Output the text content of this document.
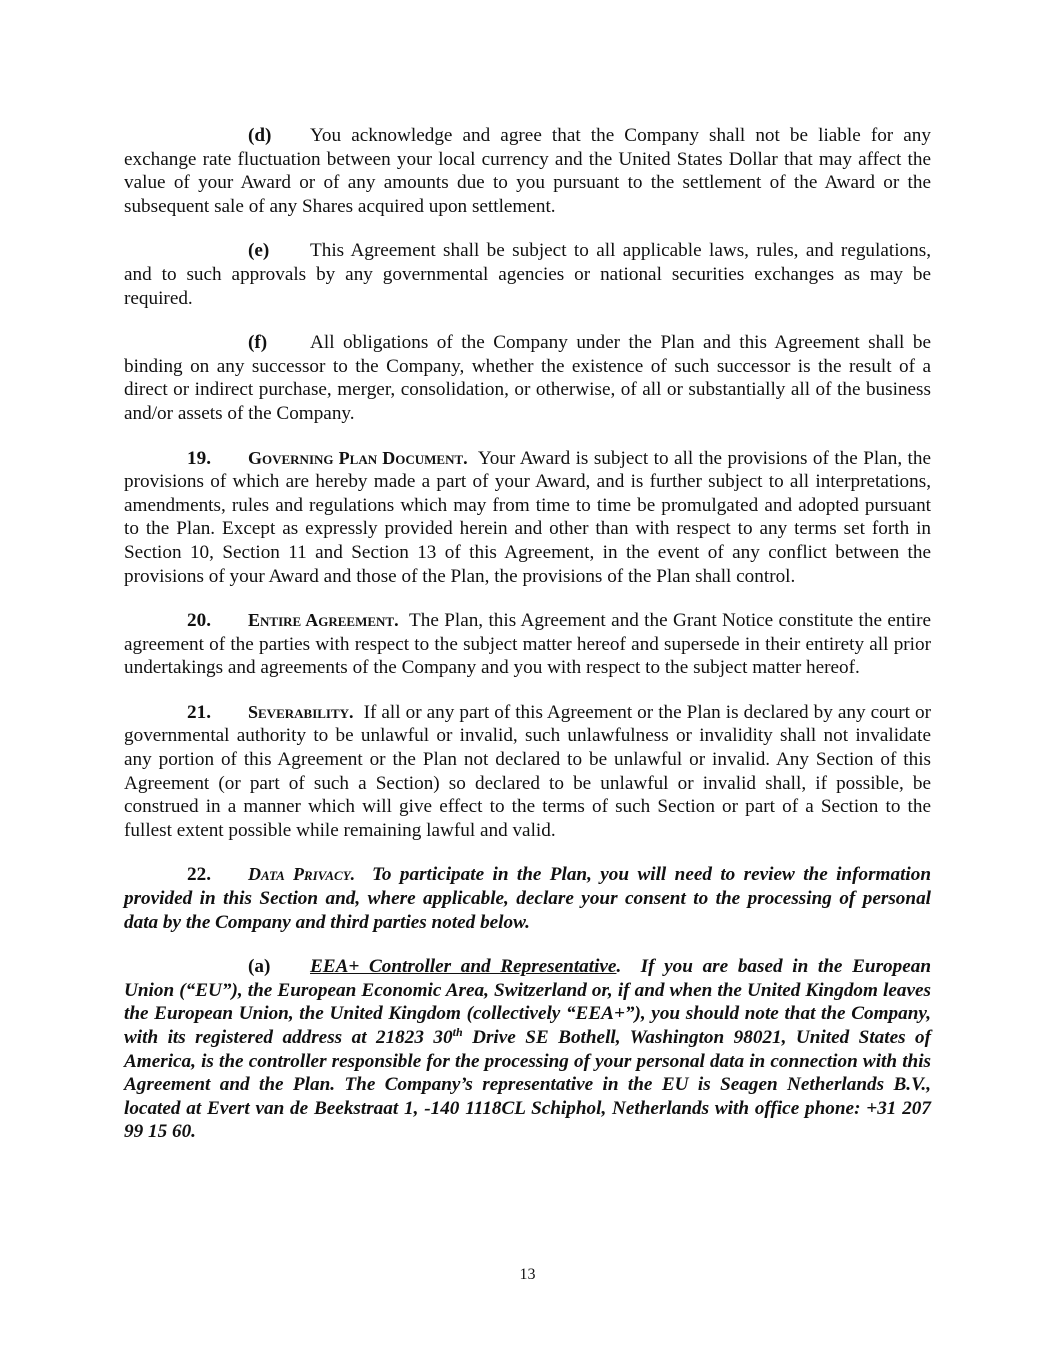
(d) You acknowledge and agree that the Company shall not be liable for any exchange rate fluctuation between your local currency and the United States Dollar that may affect the value of your Award or of any amounts due to you pursuant to the settlement of the Award or the subsequent sale of any Shares acquired upon settlement.

(e) This Agreement shall be subject to all applicable laws, rules, and regulations, and to such approvals by any governmental agencies or national securities exchanges as may be required.

(f) All obligations of the Company under the Plan and this Agreement shall be binding on any successor to the Company, whether the existence of such successor is the result of a direct or indirect purchase, merger, consolidation, or otherwise, of all or substantially all of the business and/or assets of the Company.

19. Governing Plan Document. Your Award is subject to all the provisions of the Plan, the provisions of which are hereby made a part of your Award, and is further subject to all interpretations, amendments, rules and regulations which may from time to time be promulgated and adopted pursuant to the Plan. Except as expressly provided herein and other than with respect to any terms set forth in Section 10, Section 11 and Section 13 of this Agreement, in the event of any conflict between the provisions of your Award and those of the Plan, the provisions of the Plan shall control.

20. Entire Agreement. The Plan, this Agreement and the Grant Notice constitute the entire agreement of the parties with respect to the subject matter hereof and supersede in their entirety all prior undertakings and agreements of the Company and you with respect to the subject matter hereof.

21. Severability. If all or any part of this Agreement or the Plan is declared by any court or governmental authority to be unlawful or invalid, such unlawfulness or invalidity shall not invalidate any portion of this Agreement or the Plan not declared to be unlawful or invalid. Any Section of this Agreement (or part of such a Section) so declared to be unlawful or invalid shall, if possible, be construed in a manner which will give effect to the terms of such Section or part of a Section to the fullest extent possible while remaining lawful and valid.

22. Data Privacy. To participate in the Plan, you will need to review the information provided in this Section and, where applicable, declare your consent to the processing of personal data by the Company and third parties noted below.

(a) EEA+ Controller and Representative. If you are based in the European Union (“EU”), the European Economic Area, Switzerland or, if and when the United Kingdom leaves the European Union, the United Kingdom (collectively “EEA+”), you should note that the Company, with its registered address at 21823 30th Drive SE Bothell, Washington 98021, United States of America, is the controller responsible for the processing of your personal data in connection with this Agreement and the Plan. The Company’s representative in the EU is Seagen Netherlands B.V., located at Evert van de Beekstraat 1, -140 1118CL Schiphol, Netherlands with office phone: +31 207 99 15 60.

13
